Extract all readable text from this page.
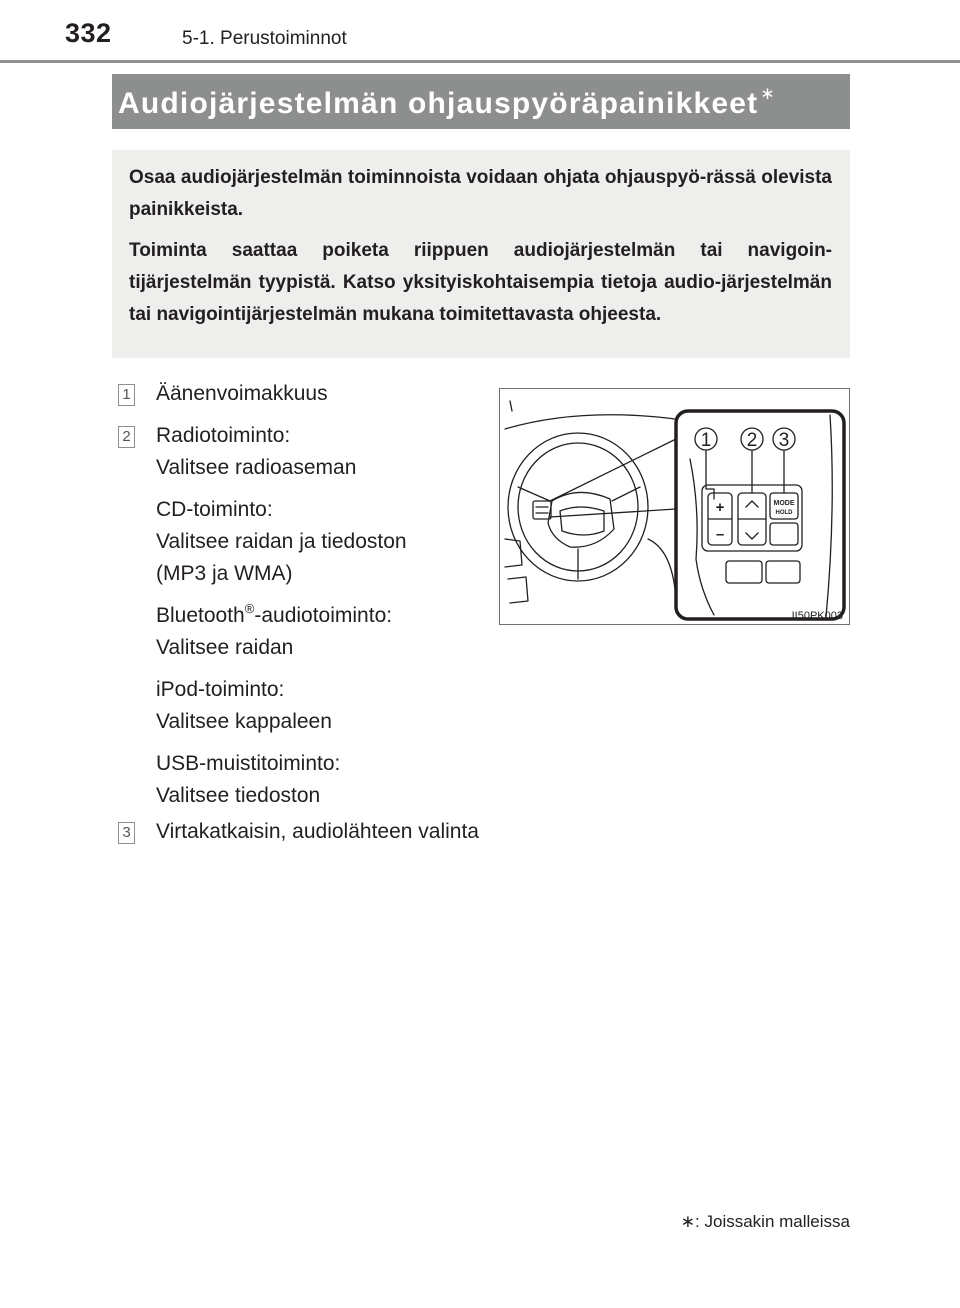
332	5-1. Perustoiminnot
Audiojärjestelmän ohjauspyöräpainikkeet ∗

Osaa audiojärjestelmän toiminnoista voidaan ohjata ohjauspyö-rässä olevista painikkeista.

Toiminta saattaa poiketa riippuen audiojärjestelmän tai navigoin-tijärjestelmän tyypistä. Katso yksityiskohtaisempia tietoja audio-järjestelmän tai navigointijärjestelmän mukana toimitettavasta ohjeesta.

1 Äänenvoimakkuus
2 Radiotoiminto:
Valitsee radioaseman
CD-toiminto:
Valitsee raidan ja tiedoston
(MP3 ja WMA)
Bluetooth®-audiotoiminto:
Valitsee raidan
iPod-toiminto:
Valitsee kappaleen
USB-muistitoiminto:
Valitsee tiedoston
3 Virtakatkaisin, audiolähteen valinta
1 2 3
+
–
MODE
HOLD
II50PK003
∗: Joissakin malleissa
